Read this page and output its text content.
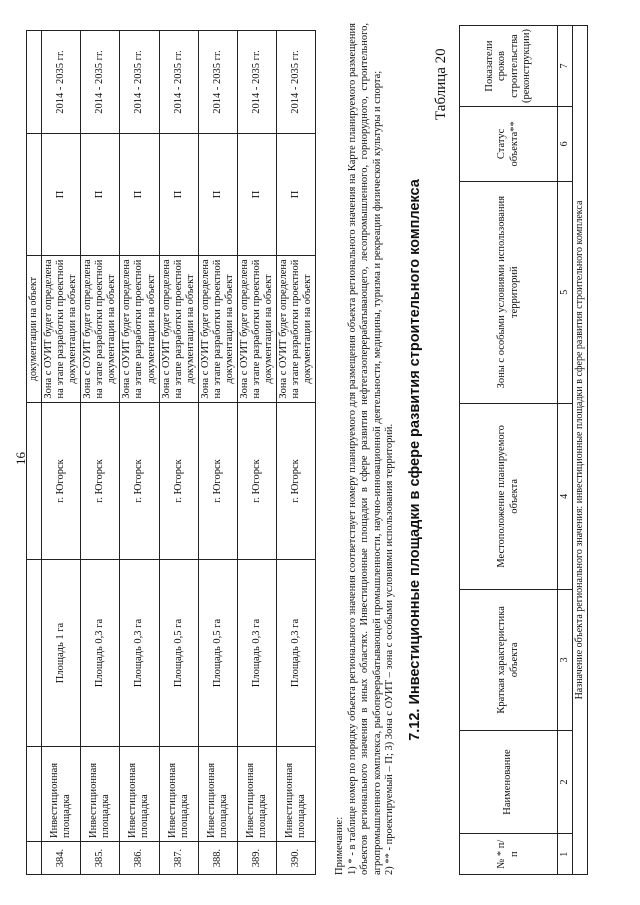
16
				документации на объект		
384.	Инвестиционная площадка	Площадь 1 га	г. Югорск	Зона с ОУИТ будет определена на этапе разработки проектной документации на объект	П	2014 - 2035 гг.
385.	Инвестиционная площадка	Площадь 0,3 га	г. Югорск	Зона с ОУИТ будет определена на этапе разработки проектной документации на объект	П	2014 - 2035 гг.
386.	Инвестиционная площадка	Площадь 0,3 га	г. Югорск	Зона с ОУИТ будет определена на этапе разработки проектной документации на объект	П	2014 - 2035 гг.
387.	Инвестиционная площадка	Площадь 0,5 га	г. Югорск	Зона с ОУИТ будет определена на этапе разработки проектной документации на объект	П	2014 - 2035 гг.
388.	Инвестиционная площадка	Площадь 0,5 га	г. Югорск	Зона с ОУИТ будет определена на этапе разработки проектной документации на объект	П	2014 - 2035 гг.
389.	Инвестиционная площадка	Площадь 0,3 га	г. Югорск	Зона с ОУИТ будет определена на этапе разработки проектной документации на объект	П	2014 - 2035 гг.
390.	Инвестиционная площадка	Площадь 0,3 га	г. Югорск	Зона с ОУИТ будет определена на этапе разработки проектной документации на объект	П	2014 - 2035 гг.

Примечание: 1) * - в таблице номер по порядку объекта регионального значения соответствует номеру планируемого для размещения объекта регионального значения на Карте планируемого размещения объектов регионального значения в иных областях. Инвестиционные площадки в сфере развития нефтегазоперерабатывающего, лесопромышленного, горнорудного, строительного, агропромышленного комплекса, рыбоперерабатывающей промышленности, научно-инновационной деятельности, медицины, туризма и рекреации физической культуры и спорта; 2) ** - проектируемый – П; 3) Зона с ОУИТ – зона с особыми условиями использования территорий. 7.12. Инвестиционные площадки в сфере развития строительного комплекса
Таблица 20
№ * п/п	Наименование	Краткая характеристика объекта	Местоположение планируемого объекта	Зоны с особыми условиями использования территорий	Статус объекта**	Показатели сроков строительства (реконструкции)
1	2	3	4	5	6	7
Назначение объекта регионального значения: инвестиционные площадки в сфере развития строительного комплекса						
